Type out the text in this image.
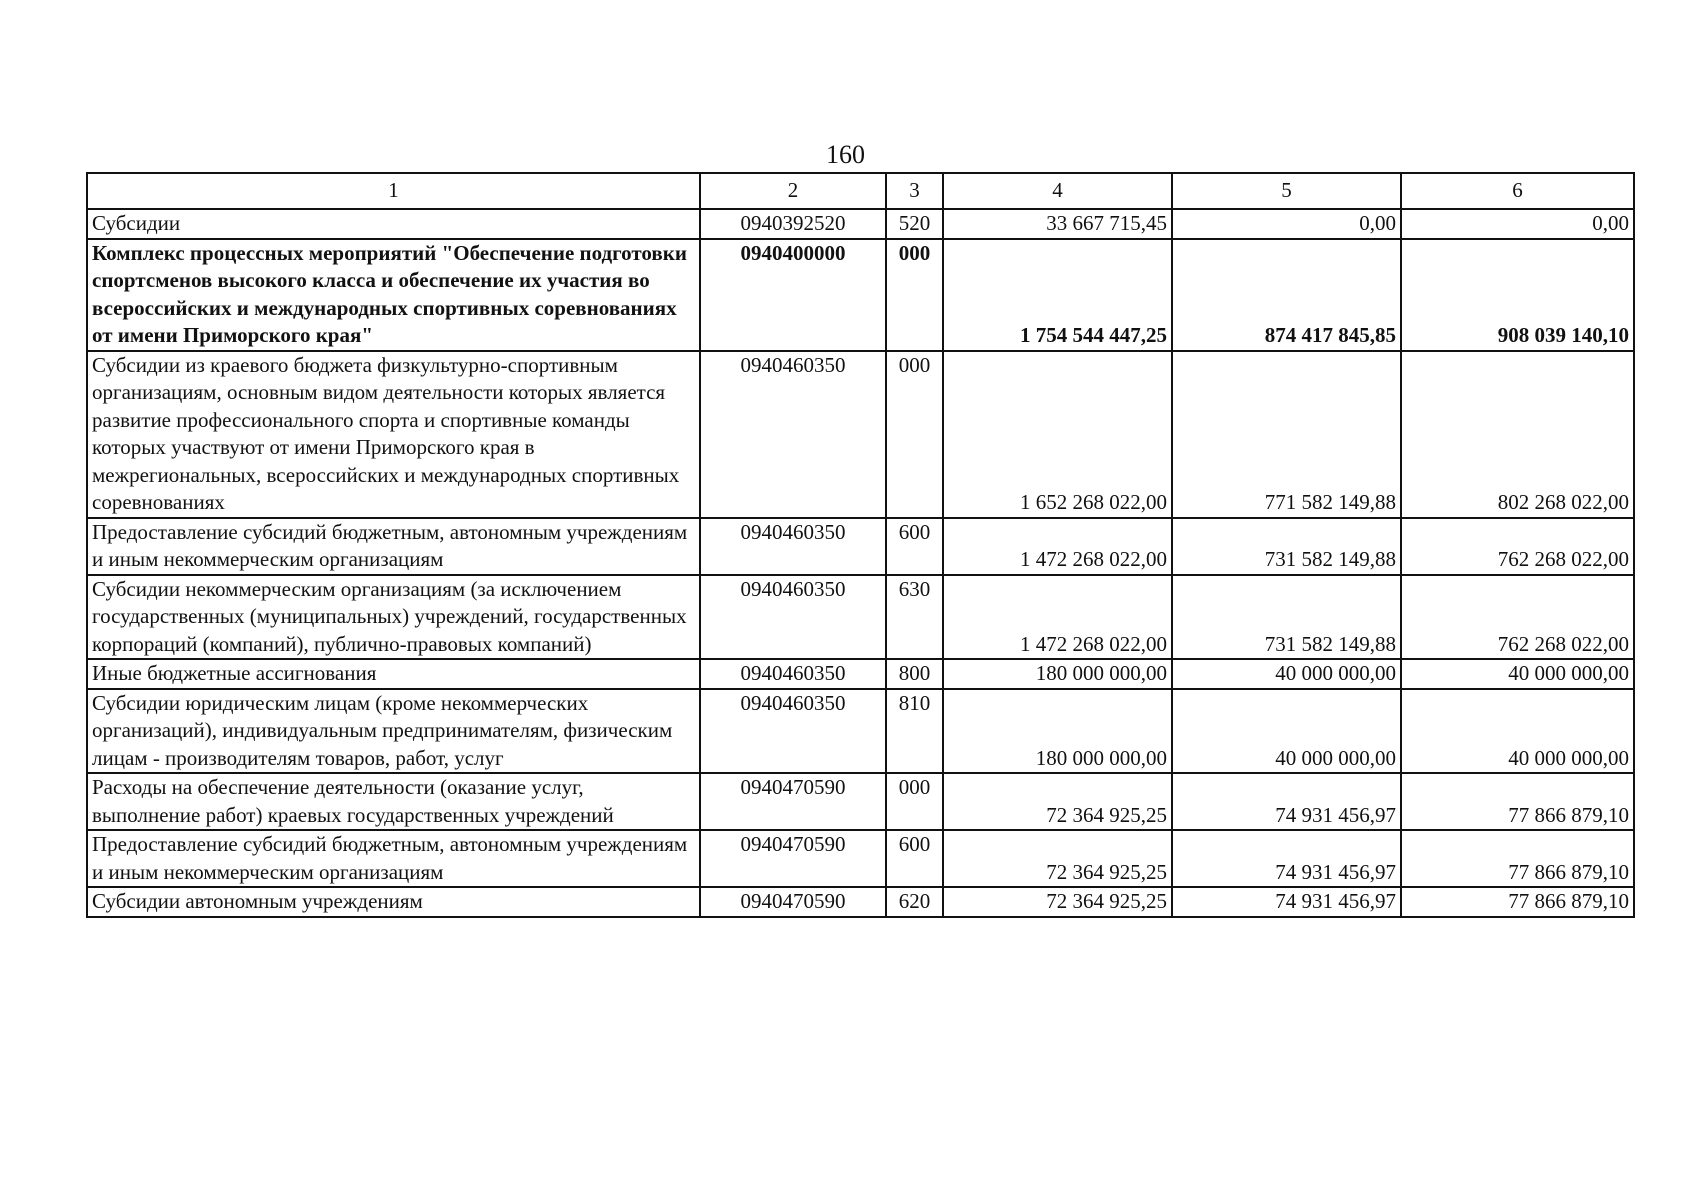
160
1	2	3	4	5	6
Субсидии	0940392520	520	33 667 715,45	0,00	0,00
Комплекс процессных мероприятий "Обеспечение подготовки спортсменов высокого класса и обеспечение их участия во всероссийских и международных спортивных соревнованиях от имени Приморского края"	0940400000	000	1 754 544 447,25	874 417 845,85	908 039 140,10
Субсидии из краевого бюджета физкультурно-спортивным организациям, основным видом деятельности которых является развитие профессионального спорта и спортивные команды которых участвуют от имени Приморского края в межрегиональных, всероссийских и международных спортивных соревнованиях	0940460350	000	1 652 268 022,00	771 582 149,88	802 268 022,00
Предоставление субсидий бюджетным, автономным учреждениям и иным некоммерческим организациям	0940460350	600	1 472 268 022,00	731 582 149,88	762 268 022,00
Субсидии некоммерческим организациям (за исключением государственных (муниципальных) учреждений, государственных корпораций (компаний), публично-правовых компаний)	0940460350	630	1 472 268 022,00	731 582 149,88	762 268 022,00
Иные бюджетные ассигнования	0940460350	800	180 000 000,00	40 000 000,00	40 000 000,00
Субсидии юридическим лицам (кроме некоммерческих организаций), индивидуальным предпринимателям, физическим лицам - производителям товаров, работ, услуг	0940460350	810	180 000 000,00	40 000 000,00	40 000 000,00
Расходы на обеспечение деятельности (оказание услуг, выполнение работ) краевых государственных учреждений	0940470590	000	72 364 925,25	74 931 456,97	77 866 879,10
Предоставление субсидий бюджетным, автономным учреждениям и иным некоммерческим организациям	0940470590	600	72 364 925,25	74 931 456,97	77 866 879,10
Субсидии автономным учреждениям	0940470590	620	72 364 925,25	74 931 456,97	77 866 879,10
